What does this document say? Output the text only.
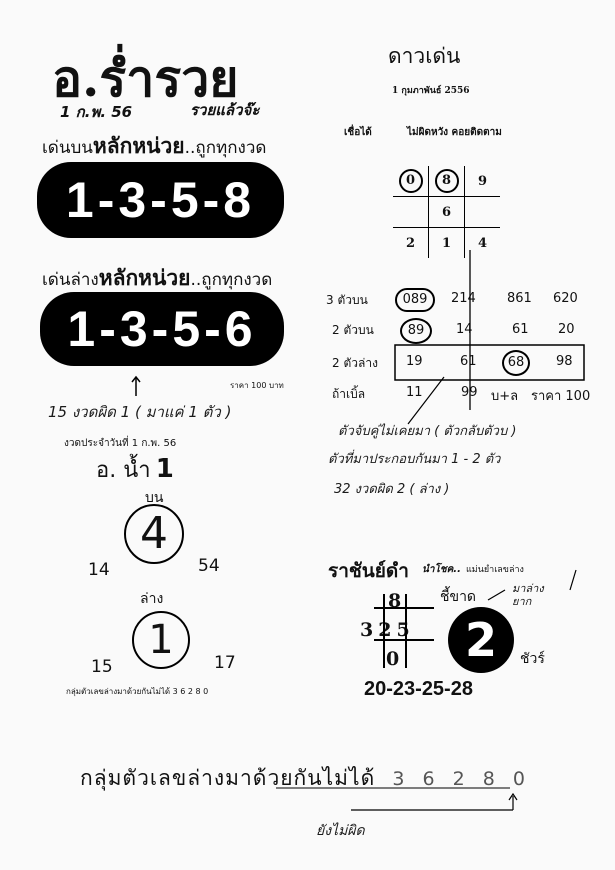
อ.ร่ำรวย
1 ก.พ. 56	รวยแล้วจ๊ะ
เด่นบนหลักหน่วย..ถูกทุกงวด
1-3-5-8
เด่นล่างหลักหน่วย..ถูกทุกงวด
1-3-5-6
ราคา 100 บาท
15 งวดผิด 1 ( มาแค่ 1 ตัว )
งวดประจำวันที่ 1 ก.พ. 56
อ. น้ำ 1
บน
4
14	54
ล่าง
1
15	17
กลุ่มตัวเลขล่างมาด้วยกันไม่ได้ 3 6 2 8 0
ดาวเด่น
1 กุมภาพันธ์ 2556
เชื่อได้	ไม่ผิดหวัง คอยติดตาม
0	8	9
	6	
2	1	4
3 ตัวบน	089	214 861 620
2 ตัวบน	89	14	61 20
2 ตัวล่าง 19	61	68	98
ถ้าเบิ้ล	11	99 บ+ล ราคา 100
ตัวจับคู่ไม่เคยมา ( ตัวกลับตัวบ )
ตัวที่มาประกอบกันมา 1 - 2 ตัว
32 งวดผิด 2 ( ล่าง )
ราชันย์ดำ นำโชค.. แม่นยำเลขล่าง
มาล่าง ยาก
8
325
0
ชี้ขาด
2	ชัวร์
20-23-25-28
กลุ่มตัวเลขล่างมาด้วยกันไม่ได้ 3 6 2 8 0
ยังไม่ผิด
